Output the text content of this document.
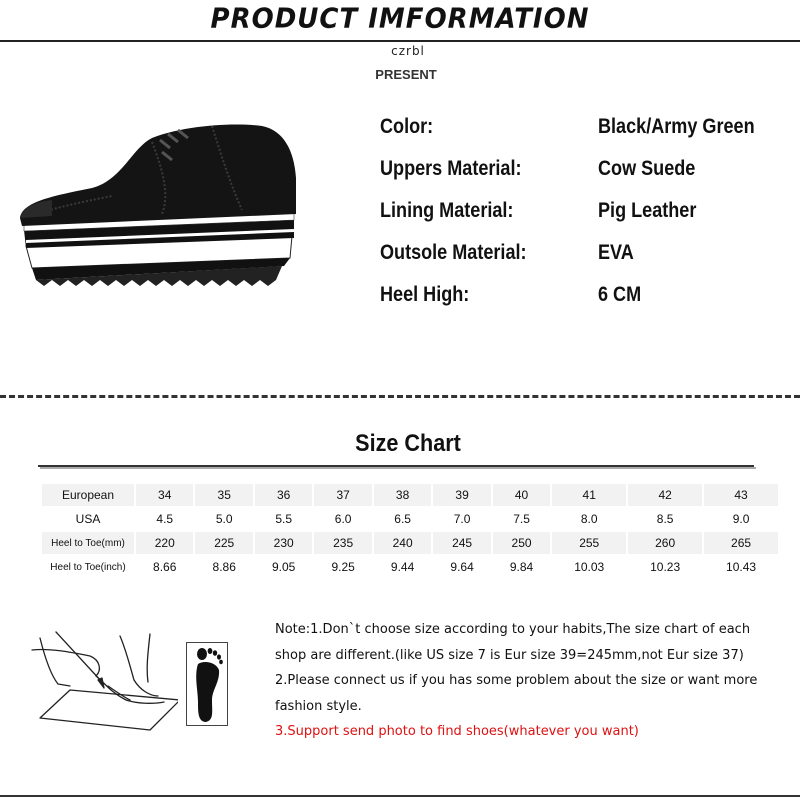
PRODUCT IMFORMATION
czrbl
PRESENT
Color:	Black/Army Green
Uppers Material:	Cow Suede
Lining Material:	Pig Leather
Outsole Material:	EVA
Heel High:	6 CM
Size Chart
European	34	35	36	37	38	39	40	41	42	43
USA	4.5	5.0	5.5	6.0	6.5	7.0	7.5	8.0	8.5	9.0
Heel to Toe(mm)	220	225	230	235	240	245	250	255	260	265
Heel to Toe(inch)	8.66	8.86	9.05	9.25	9.44	9.64	9.84	10.03	10.23	10.43
Note:1.Don`t choose size according to your habits,The size chart of each shop are different.(like US size 7 is Eur size 39=245mm,not Eur size 37)
2.Please connect us if you has some problem about the size or want more fashion style.
3.Support send photo to find shoes(whatever you want)
